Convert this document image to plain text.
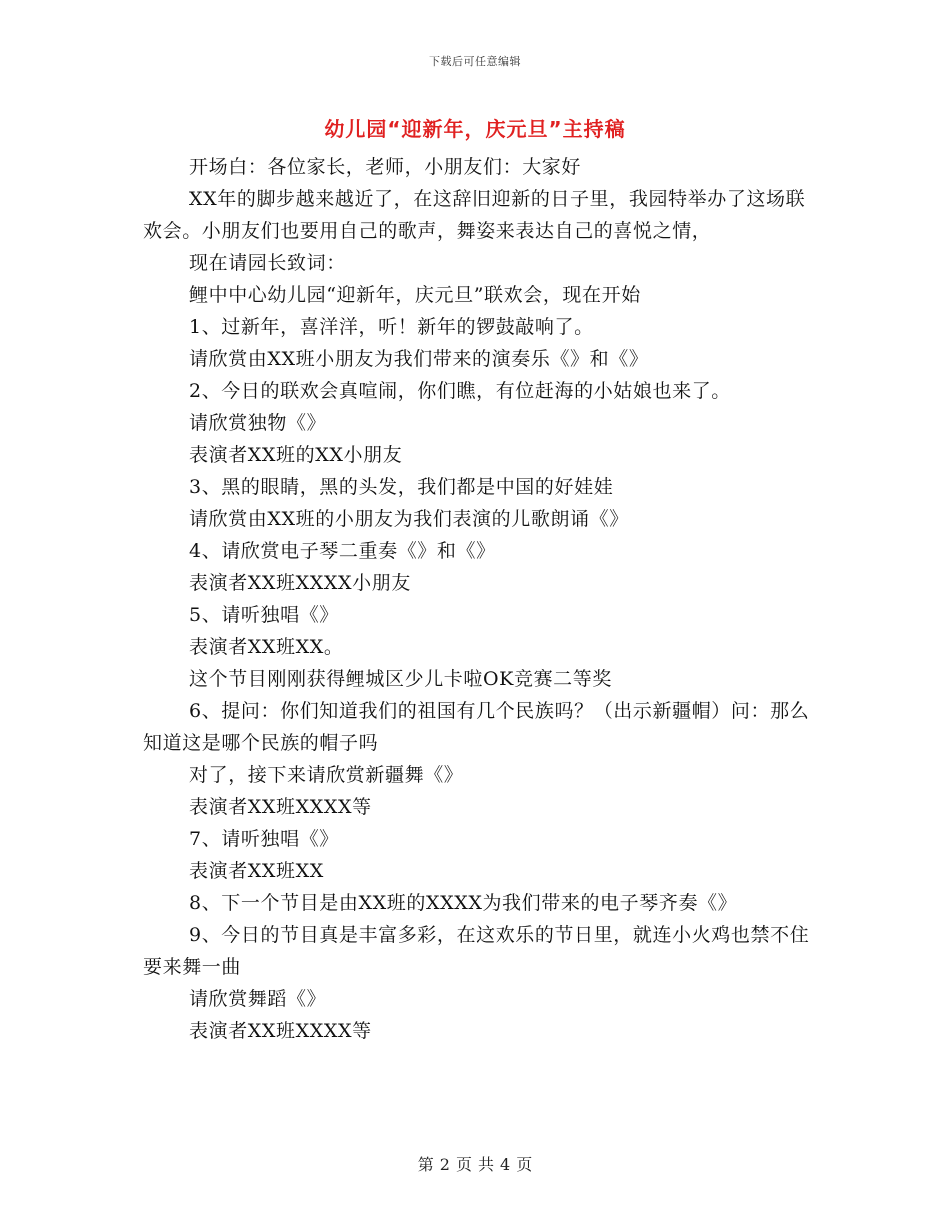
下载后可任意编辑
幼儿园“迎新年，庆元旦”主持稿

开场白：各位家长，老师，小朋友们：大家好

XX年的脚步越来越近了，在这辞旧迎新的日子里，我园特举办了这场联欢会。小朋友们也要用自己的歌声，舞姿来表达自己的喜悦之情，

现在请园长致词：

鲤中中心幼儿园“迎新年，庆元旦”联欢会，现在开始

1、过新年，喜洋洋，听！新年的锣鼓敲响了。

请欣赏由XX班小朋友为我们带来的演奏乐《》和《》

2、今日的联欢会真喧闹，你们瞧，有位赶海的小姑娘也来了。

请欣赏独物《》

表演者XX班的XX小朋友

3、黑的眼睛，黑的头发，我们都是中国的好娃娃

请欣赏由XX班的小朋友为我们表演的儿歌朗诵《》

4、请欣赏电子琴二重奏《》和《》

表演者XX班XXXX小朋友

5、请听独唱《》

表演者XX班XX。

这个节目刚刚获得鲤城区少儿卡啦OK竞赛二等奖

6、提问：你们知道我们的祖国有几个民族吗？（出示新疆帽）问：那么知道这是哪个民族的帽子吗

对了，接下来请欣赏新疆舞《》

表演者XX班XXXX等

7、请听独唱《》

表演者XX班XX

8、下一个节目是由XX班的XXXX为我们带来的电子琴齐奏《》

9、今日的节目真是丰富多彩，在这欢乐的节日里，就连小火鸡也禁不住要来舞一曲

请欣赏舞蹈《》

表演者XX班XXXX等

第 2 页 共 4 页
